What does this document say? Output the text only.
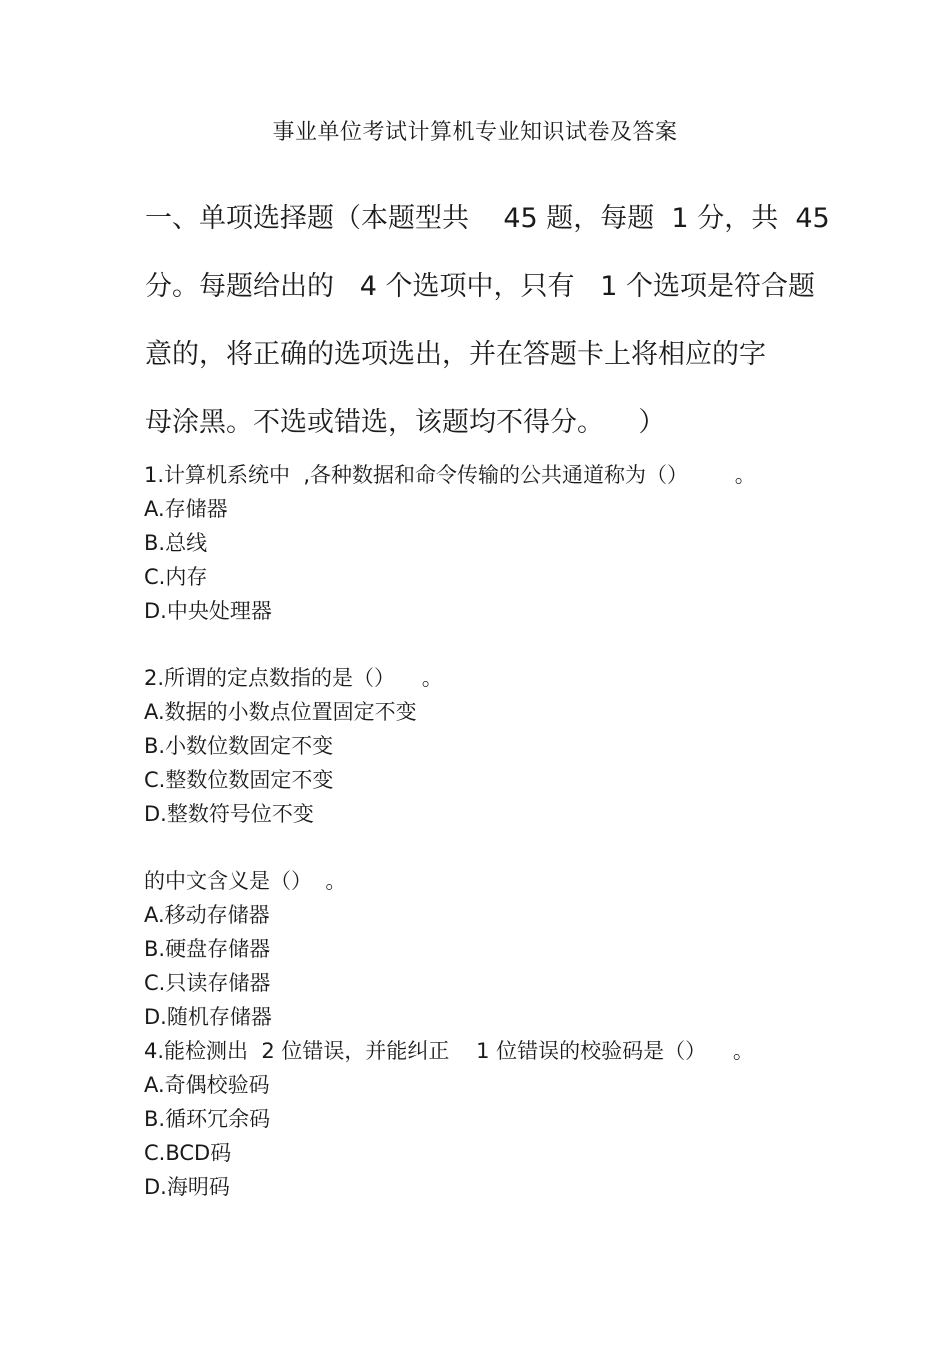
事业单位考试计算机专业知识试卷及答案
一、单项选择题（本题型共    45 题，每题  1 分，共  45
分。每题给出的   4 个选项中，只有   1 个选项是符合题
意的，将正确的选项选出，并在答题卡上将相应的字
母涂黑。不选或错选，该题均不得分。    ）
1.计算机系统中  ,各种数据和命令传输的公共通道称为（）       。
A.存储器
B.总线
C.内存
D.中央处理器
2.所谓的定点数指的是（）    。
A.数据的小数点位置固定不变
B.小数位数固定不变
C.整数位数固定不变
D.整数符号位不变
的中文含义是（）  。
A.移动存储器
B.硬盘存储器
C.只读存储器
D.随机存储器
4.能检测出  2 位错误，并能纠正    1 位错误的校验码是（）    。
A.奇偶校验码
B.循环冗余码
C.BCD码
D.海明码
